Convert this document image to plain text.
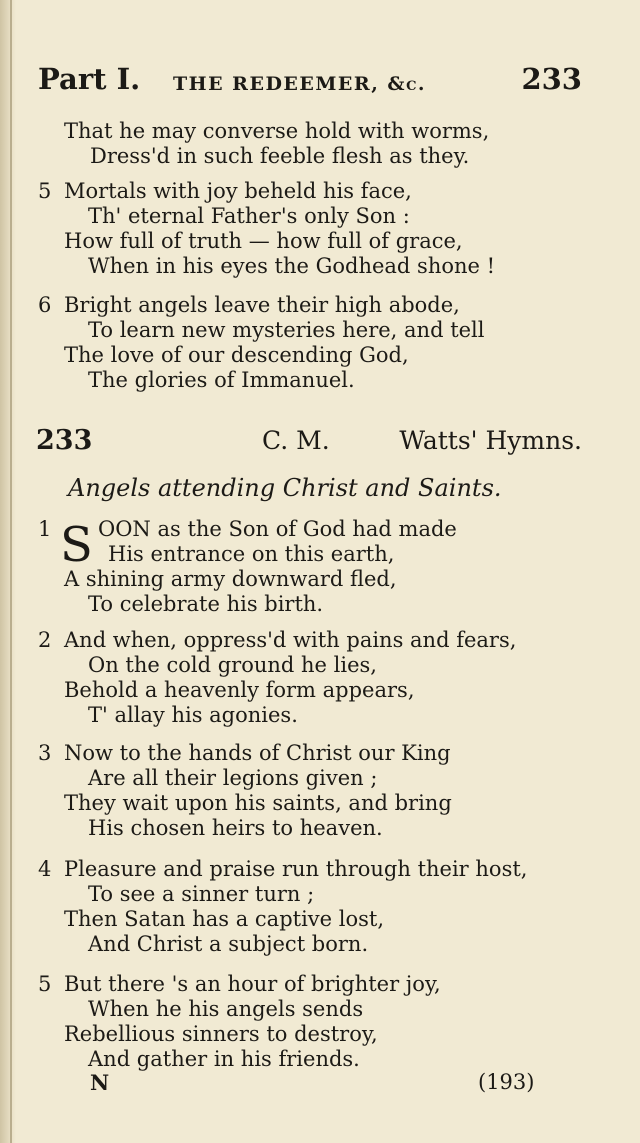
Part I. THE REDEEMER, &c.	233
That he may converse hold with worms,
Dress'd in such feeble flesh as they.
5 Mortals with joy beheld his face,
Th' eternal Father's only Son :
How full of truth — how full of grace,
When in his eyes the Godhead shone !
6 Bright angels leave their high abode,
To learn new mysteries here, and tell
The love of our descending God,
The glories of Immanuel.
233	C. M.	Watts' Hymns.
Angels attending Christ and Saints.
1 S OON as the Son of God had made
His entrance on this earth,
A shining army downward fled,
To celebrate his birth.
2 And when, oppress'd with pains and fears,
On the cold ground he lies,
Behold a heavenly form appears,
T' allay his agonies.
3 Now to the hands of Christ our King
Are all their legions given ;
They wait upon his saints, and bring
His chosen heirs to heaven.
4 Pleasure and praise run through their host,
To see a sinner turn ;
Then Satan has a captive lost,
And Christ a subject born.
5 But there 's an hour of brighter joy,
When he his angels sends
Rebellious sinners to destroy,
And gather in his friends.
N	(193)
